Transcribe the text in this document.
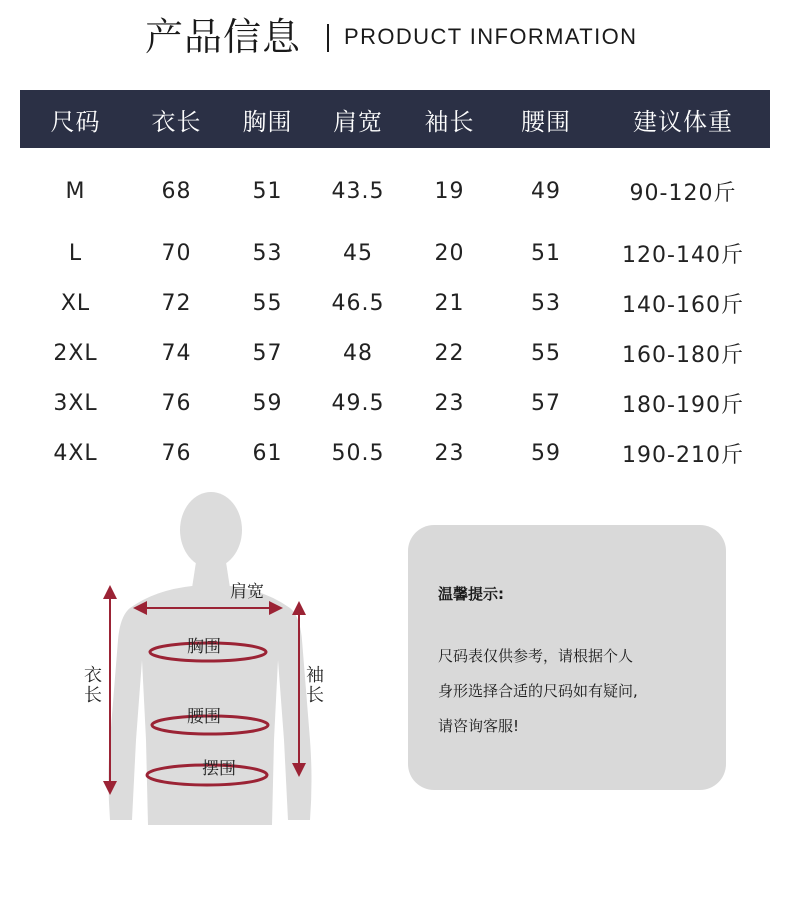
产品信息 PRODUCT INFORMATION
尺码	衣长	胸围	肩宽	袖长	腰围	建议体重
M	68	51	43.5	19	49	90-120斤
L	70	53	45	20	51	120-140斤
XL	72	55	46.5	21	53	140-160斤
2XL	74	57	48	22	55	160-180斤
3XL	76	59	49.5	23	57	180-190斤
4XL	76	61	50.5	23	59	190-210斤
肩宽
胸围
腰围
摆围
衣长
袖长
温馨提示:
尺码表仅供参考，请根据个人
身形选择合适的尺码如有疑问,
请咨询客服!
